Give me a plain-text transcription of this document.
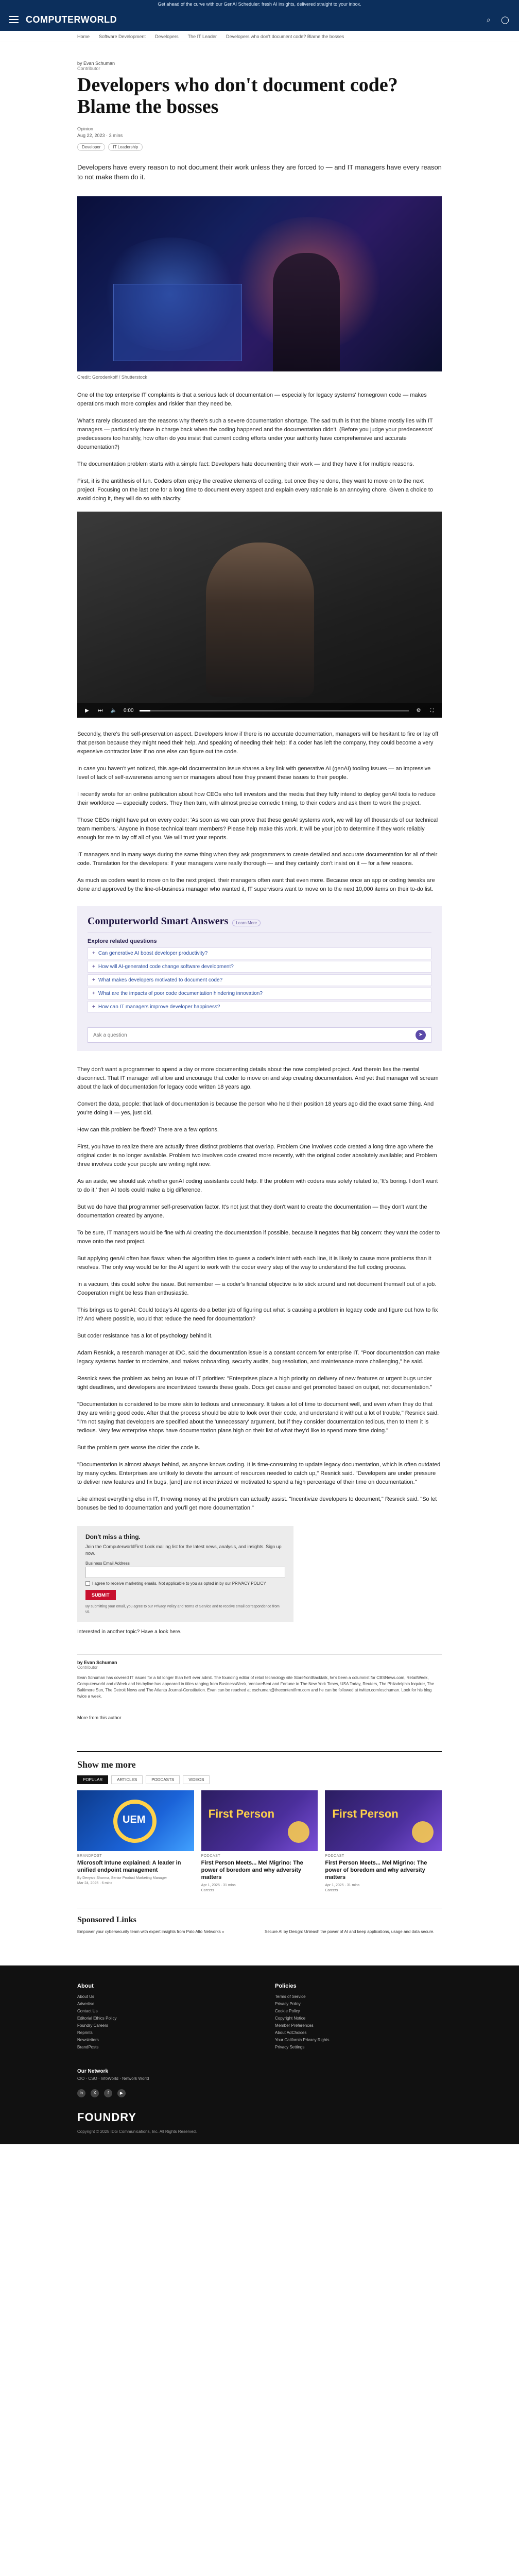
Get ahead of the curve with our GenAI Scheduler: fresh AI insights, delivered straight to your inbox.
COMPUTERWORLD	⌕	◯
Home Software Development Developers The IT Leader Developers who don't document code? Blame the bosses
by Evan Schuman
Contributor
Developers who don't document code? Blame the bosses
Opinion
Aug 22, 2023 · 3 mins
Developer	IT Leadership

Developers have every reason to not document their work unless they are forced to — and IT managers have every reason to not make them do it.

Credit: Gorodenkoff / Shutterstock

One of the top enterprise IT complaints is that a serious lack of documentation — especially for legacy systems' homegrown code — makes operations much more complex and riskier than they need be.

What's rarely discussed are the reasons why there's such a severe documentation shortage. The sad truth is that the blame mostly lies with IT managers — particularly those in charge back when the coding happened and the documentation didn't. (Before you judge your predecessors' predecessors too harshly, how often do you insist that current coding efforts under your authority have comprehensive and accurate documentation?)

The documentation problem starts with a simple fact: Developers hate documenting their work — and they have it for multiple reasons.

First, it is the antithesis of fun. Coders often enjoy the creative elements of coding, but once they're done, they want to move on to the next project. Focusing on the last one for a long time to document every aspect and explain every rationale is an annoying chore. Given a choice to avoid doing it, they will do so with alacrity.

▶	⏭ 🔈 0:00	⚙	⛶

Secondly, there's the self-preservation aspect. Developers know if there is no accurate documentation, managers will be hesitant to fire or lay off that person because they might need their help. And speaking of needing their help: If a coder has left the company, they could become a very expensive contractor later if no one else can figure out the code.

In case you haven't yet noticed, this age-old documentation issue shares a key link with generative AI (genAI) tooling issues — an impressive level of lack of self-awareness among senior managers about how they present these issues to their people.

I recently wrote for an online publication about how CEOs who tell investors and the media that they fully intend to deploy genAI tools to reduce their workforce — especially coders. They then turn, with almost precise comedic timing, to their coders and ask them to work the project.

Those CEOs might have put on every coder: 'As soon as we can prove that these genAI systems work, we will lay off thousands of our technical team members.' Anyone in those technical team members? Please help make this work. It will be your job to determine if they work reliably enough for me to lay off all of you. We will trust your reports.

IT managers and in many ways during the same thing when they ask programmers to create detailed and accurate documentation for all of their code. Translation for the developers: If your managers were really thorough — and they certainly don't insist on it — for a few reasons.

As much as coders want to move on to the next project, their managers often want that even more. Because once an app or coding tweaks are done and approved by the line-of-business manager who wanted it, IT supervisors want to move on to the next 10,000 items on their to-do list.

Computerworld Smart Answers	Learn More
Explore related questions
+ Can generative AI boost developer productivity?
+ How will AI-generated code change software development?
+ What makes developers motivated to document code?
+ What are the impacts of poor code documentation hindering innovation?
+ How can IT managers improve developer happiness?
Ask a question	➤

They don't want a programmer to spend a day or more documenting details about the now completed project. And therein lies the mental disconnect. That IT manager will allow and encourage that coder to move on and skip creating documentation. And yet that manager will scream about the lack of documentation for legacy code written 18 years ago.

Convert the data, people: that lack of documentation is because the person who held their position 18 years ago did the exact same thing. And you're doing it — yes, just did.

How can this problem be fixed? There are a few options.

First, you have to realize there are actually three distinct problems that overlap. Problem One involves code created a long time ago where the original coder is no longer available. Problem two involves code created more recently, with the original coder absolutely available; and Problem three involves code your people are writing right now.

As an aside, we should ask whether genAI coding assistants could help. If the problem with coders was solely related to, 'It's boring. I don't want to do it,' then AI tools could make a big difference.

But we do have that programmer self-preservation factor. It's not just that they don't want to create the documentation — they don't want the documentation created by anyone.

To be sure, IT managers would be fine with AI creating the documentation if possible, because it negates that big concern: they want the coder to move onto the next project.

But applying genAI often has flaws: when the algorithm tries to guess a coder's intent with each line, it is likely to cause more problems than it resolves. The only way would be for the AI agent to work with the coder every step of the way to understand the full coding process.

In a vacuum, this could solve the issue. But remember — a coder's financial objective is to stick around and not document themself out of a job. Cooperation might be less than enthusiastic.

This brings us to genAI: Could today's AI agents do a better job of figuring out what is causing a problem in legacy code and figure out how to fix it? And where possible, would that reduce the need for documentation?

But coder resistance has a lot of psychology behind it.

Adam Resnick, a research manager at IDC, said the documentation issue is a constant concern for enterprise IT. "Poor documentation can make legacy systems harder to modernize, and makes onboarding, security audits, bug resolution, and maintenance more challenging," he said.

Resnick sees the problem as being an issue of IT priorities: "Enterprises place a high priority on delivery of new features or urgent bugs under tight deadlines, and developers are incentivized towards these goals. Docs get cause and get promoted based on output, not documentation."

"Documentation is considered to be more akin to tedious and unnecessary. It takes a lot of time to document well, and even when they do that they are writing good code. After that the process should be able to look over their code, and understand it without a lot of trouble," Resnick said. "I'm not saying that developers are specified about the 'unnecessary' argument, but if they consider documentation tedious, then to them it is tedious. Very few enterprise shops have documentation plans high on their list of what they'd like to spend more time doing."

But the problem gets worse the older the code is.

"Documentation is almost always behind, as anyone knows coding. It is time-consuming to update legacy documentation, which is often outdated by many cycles. Enterprises are unlikely to devote the amount of resources needed to catch up," Resnick said. "Developers are under pressure to deliver new features and fix bugs, [and] are not incentivized or motivated to spend a high percentage of their time on documentation."

Like almost everything else in IT, throwing money at the problem can actually assist. "Incentivize developers to document," Resnick said. "So let bonuses be tied to documentation and you'll get more documentation."

Don't miss a thing.
Join the ComputerworldFirst Look mailing list for the latest news, analysis, and insights. Sign up now.
Business Email Address
I agree to receive marketing emails. Not applicable to you as opted in by our PRIVACY POLICY
SUBMIT
By submitting your email, you agree to our Privacy Policy and Terms of Service and to receive email correspondence from us.
Interested in another topic? Have a look here.
by Evan Schuman
Contributor

Evan Schuman has covered IT issues for a lot longer than he'll ever admit. The founding editor of retail technology site StorefrontBacktalk, he's been a columnist for CBSNews.com, RetailWeek, Computerworld and eWeek and his byline has appeared in titles ranging from BusinessWeek, VentureBeat and Fortune to The New York Times, USA Today, Reuters, The Philadelphia Inquirer, The Baltimore Sun, The Detroit News and The Atlanta Journal-Constitution. Evan can be reached at eschuman@thecontentfirm.com and he can be followed at twitter.com/eschuman. Look for his blog twice a week.

More from this author
Show me more
POPULAR	ARTICLES	PODCASTS	VIDEOS
UEM
BRANDPOST
Microsoft Intune explained: A leader in unified endpoint management
By Devyani Sharma, Senior Product Marketing Manager
Mar 24, 2025 · 6 mins
First Person
PODCAST
First Person Meets... Mel Migrino: The power of boredom and why adversity matters
Apr 1, 2025 · 31 mins
Careers
First Person
PODCAST
First Person Meets... Mel Migrino: The power of boredom and why adversity matters
Apr 1, 2025 · 31 mins
Careers
Sponsored Links
Empower your cybersecurity team with expert insights from Palo Alto Networks »	Secure AI by Design: Unleash the power of AI and keep applications, usage and data secure.
About
About Us
Advertise
Contact Us
Editorial Ethics Policy
Foundry Careers
Reprints
Newsletters
BrandPosts
Policies
Terms of Service
Privacy Policy
Cookie Policy
Copyright Notice
Member Preferences
About AdChoices
Your California Privacy Rights
Privacy Settings
Our Network
CIO · CSO · InfoWorld · Network World
in	X	f	▶
FOUNDRY
Copyright © 2025 IDG Communications, Inc. All Rights Reserved.
